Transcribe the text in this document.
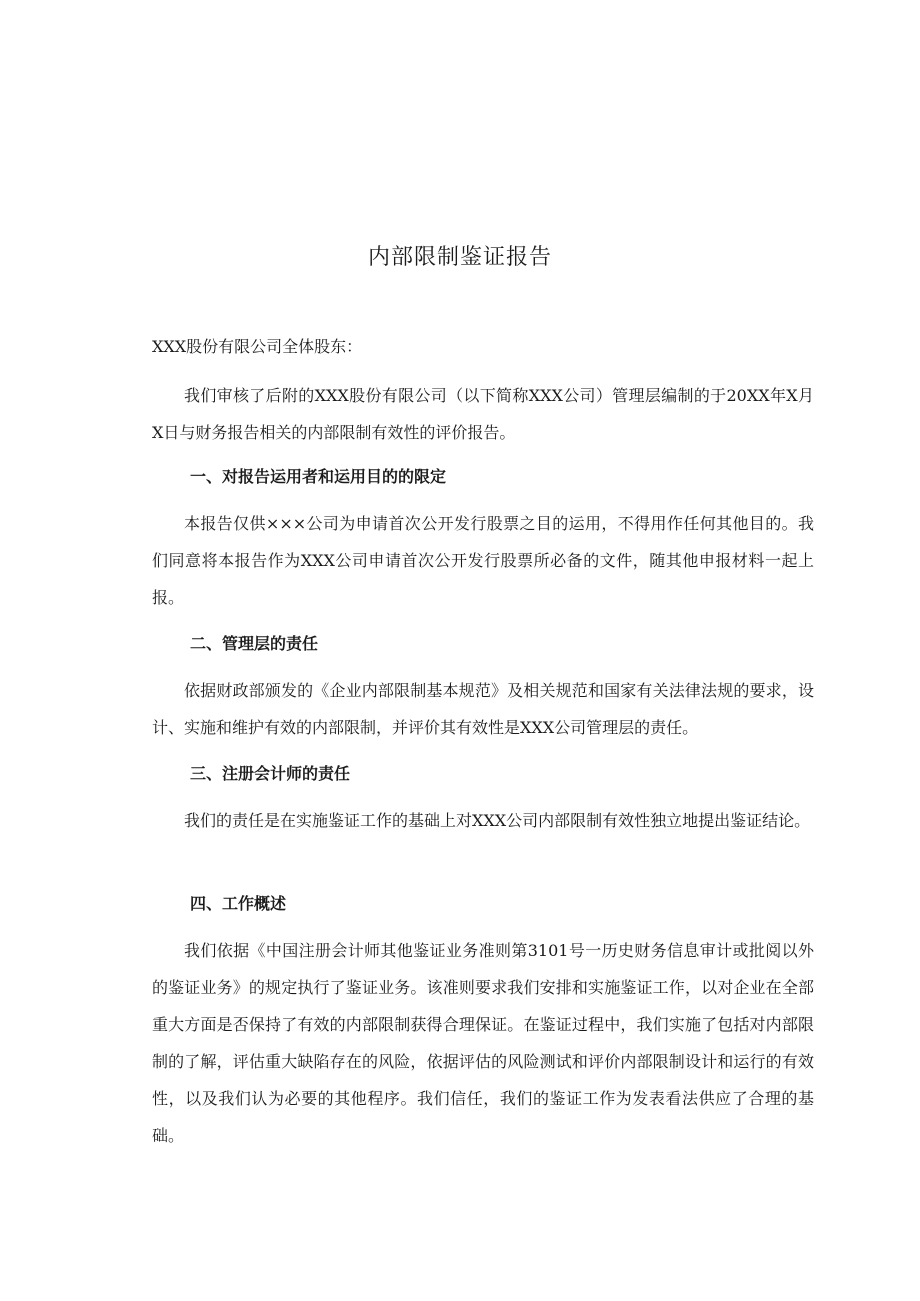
内部限制鉴证报告

XXX股份有限公司全体股东：

我们审核了后附的XXX股份有限公司（以下简称XXX公司）管理层编制的于20XX年X月X日与财务报告相关的内部限制有效性的评价报告。

一、对报告运用者和运用目的的限定

本报告仅供×××公司为申请首次公开发行股票之目的运用，不得用作任何其他目的。我们同意将本报告作为XXX公司申请首次公开发行股票所必备的文件，随其他申报材料一起上报。

二、管理层的责任

依据财政部颁发的《企业内部限制基本规范》及相关规范和国家有关法律法规的要求，设计、实施和维护有效的内部限制，并评价其有效性是XXX公司管理层的责任。

三、注册会计师的责任

我们的责任是在实施鉴证工作的基础上对XXX公司内部限制有效性独立地提出鉴证结论。

四、工作概述

我们依据《中国注册会计师其他鉴证业务准则第3101号一历史财务信息审计或批阅以外的鉴证业务》的规定执行了鉴证业务。该准则要求我们安排和实施鉴证工作，以对企业在全部重大方面是否保持了有效的内部限制获得合理保证。在鉴证过程中，我们实施了包括对内部限制的了解，评估重大缺陷存在的风险，依据评估的风险测试和评价内部限制设计和运行的有效性，以及我们认为必要的其他程序。我们信任，我们的鉴证工作为发表看法供应了合理的基础。
